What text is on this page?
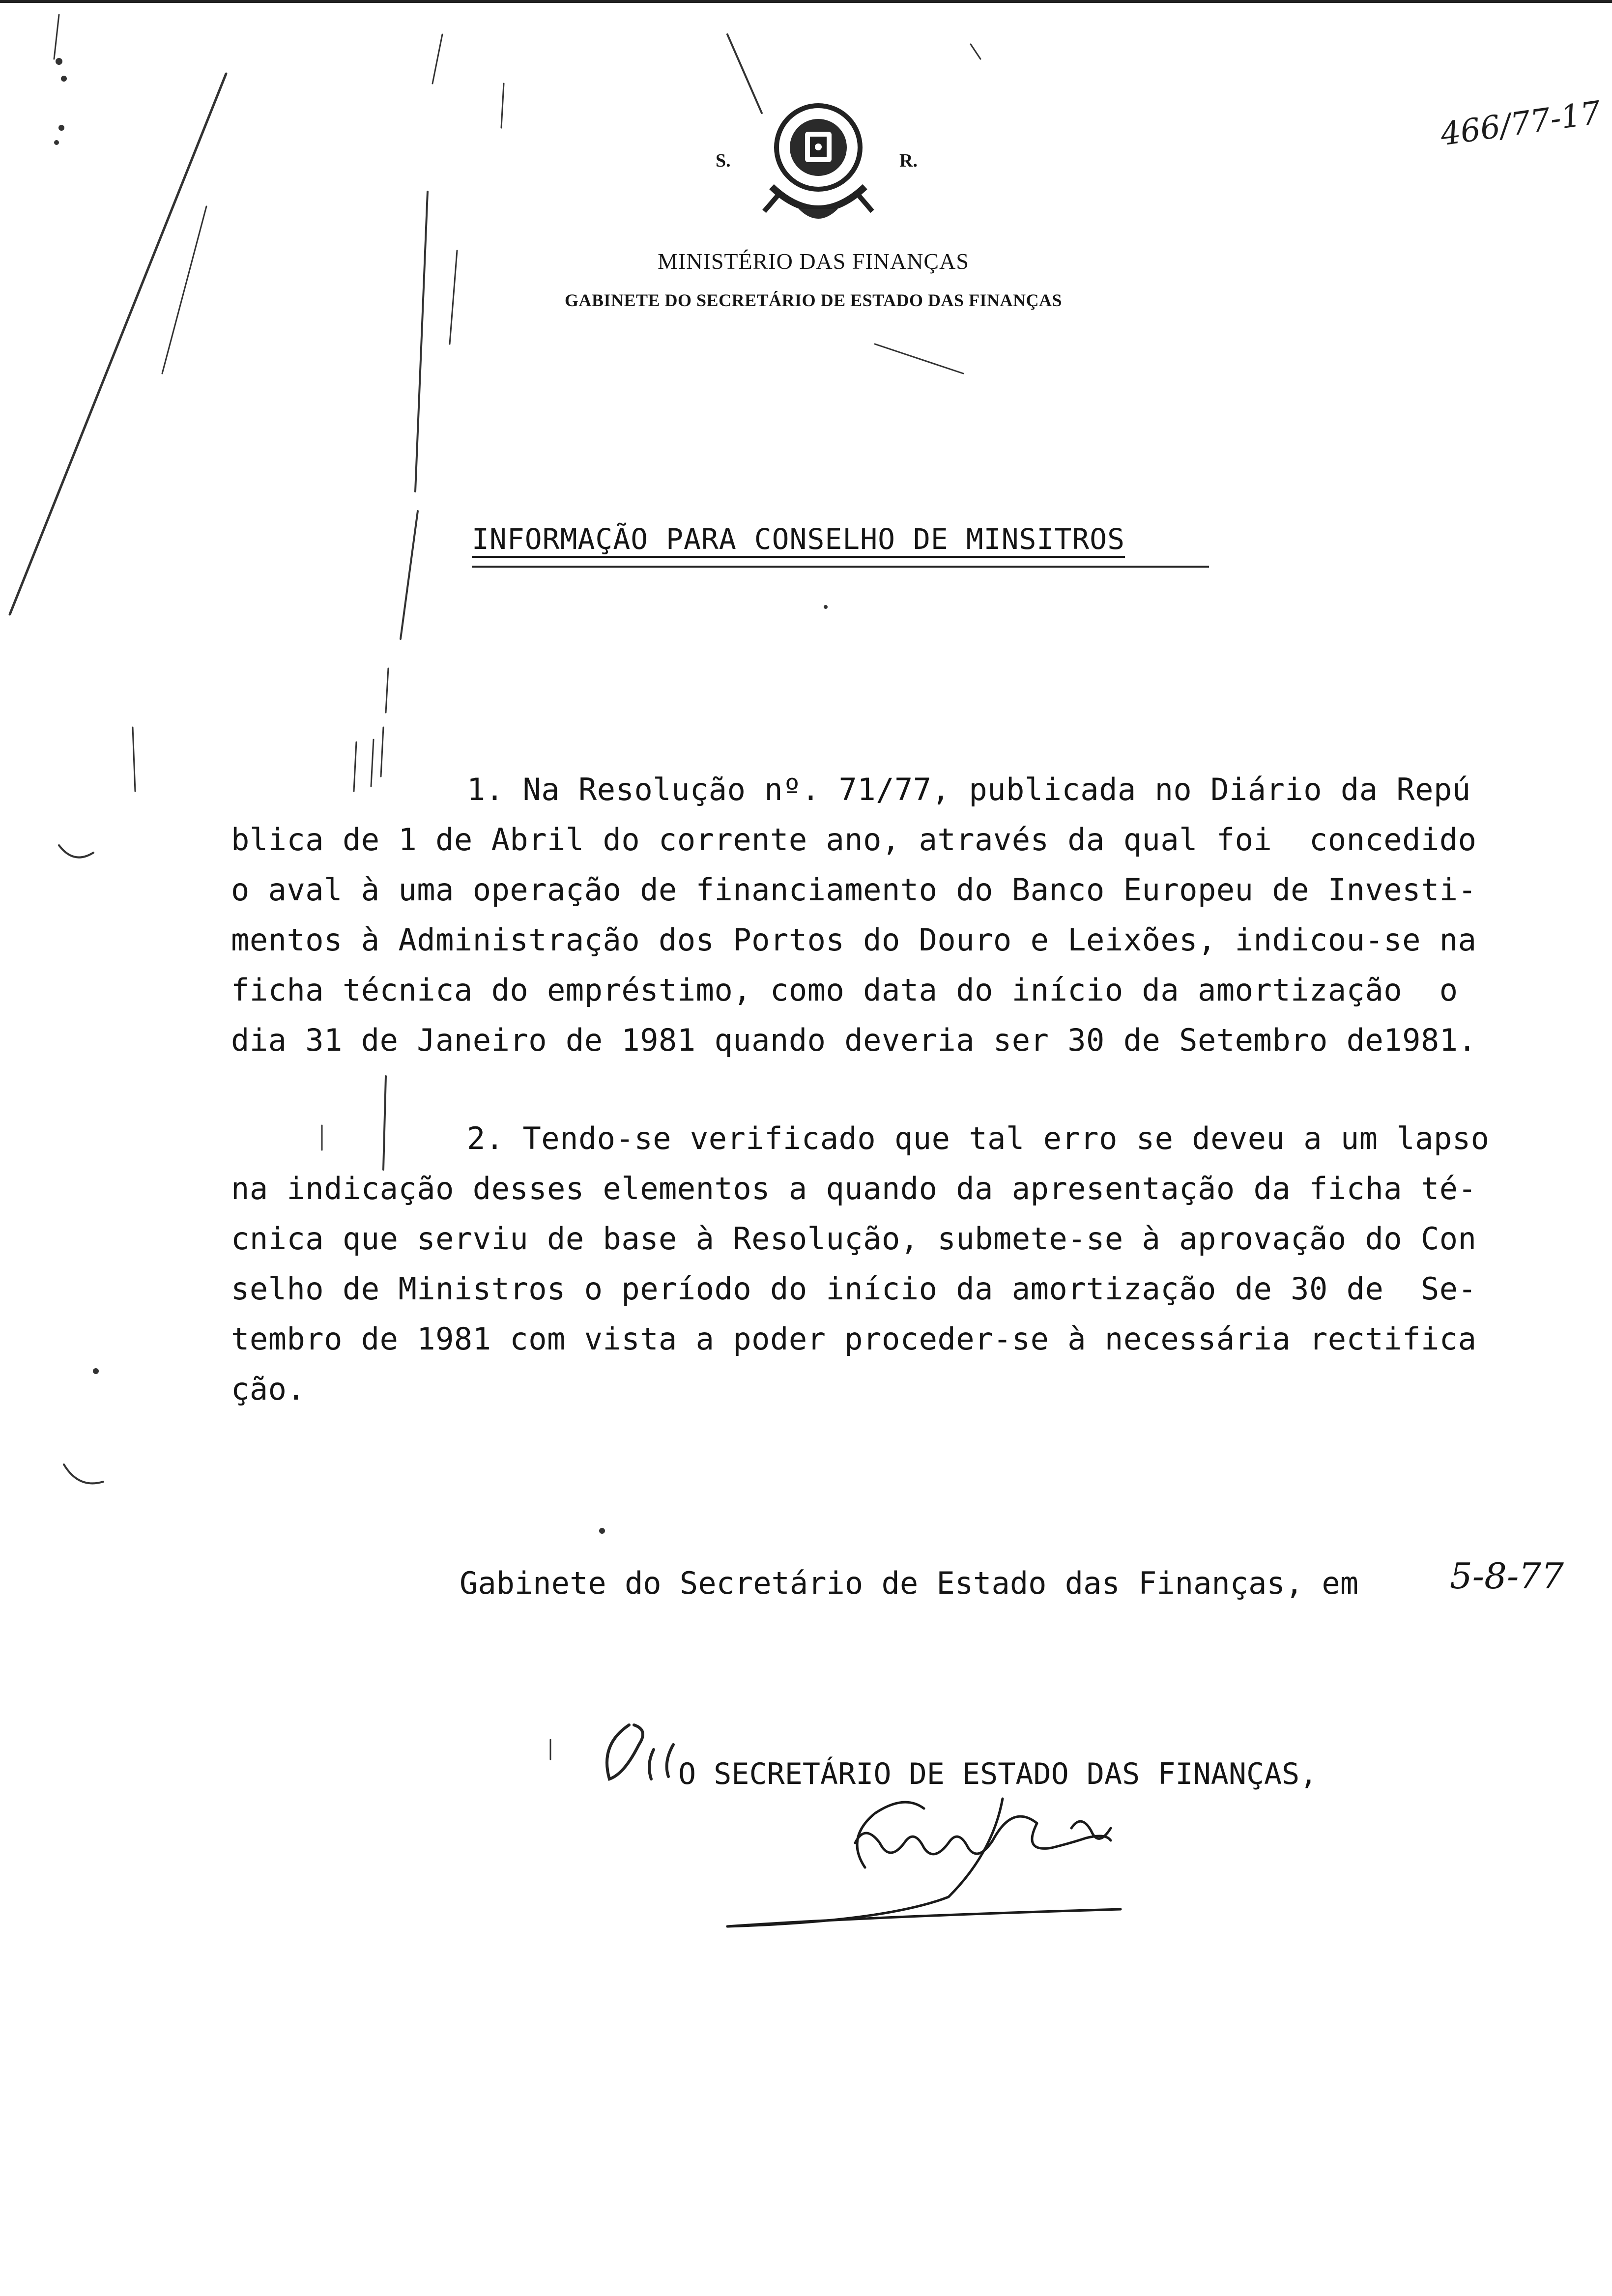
S.	R.
MINISTÉRIO DAS FINANÇAS
GABINETE DO SECRETÁRIO DE ESTADO DAS FINANÇAS
466/77-17
INFORMAÇÃO PARA CONSELHO DE MINSITROS
1. Na Resolução nº. 71/77, publicada no Diário da Repú
blica de 1 de Abril do corrente ano, através da qual foi  concedido
o aval à uma operação de financiamento do Banco Europeu de Investi-
mentos à Administração dos Portos do Douro e Leixões, indicou-se na
ficha técnica do empréstimo, como data do início da amortização  o
dia 31 de Janeiro de 1981 quando deveria ser 30 de Setembro de1981.
2. Tendo-se verificado que tal erro se deveu a um lapso
na indicação desses elementos a quando da apresentação da ficha té-
cnica que serviu de base à Resolução, submete-se à aprovação do Con
selho de Ministros o período do início da amortização de 30 de  Se-
tembro de 1981 com vista a poder proceder-se à necessária rectifica
ção.
Gabinete do Secretário de Estado das Finanças, em	5-8-77
O SECRETÁRIO DE ESTADO DAS FINANÇAS,
